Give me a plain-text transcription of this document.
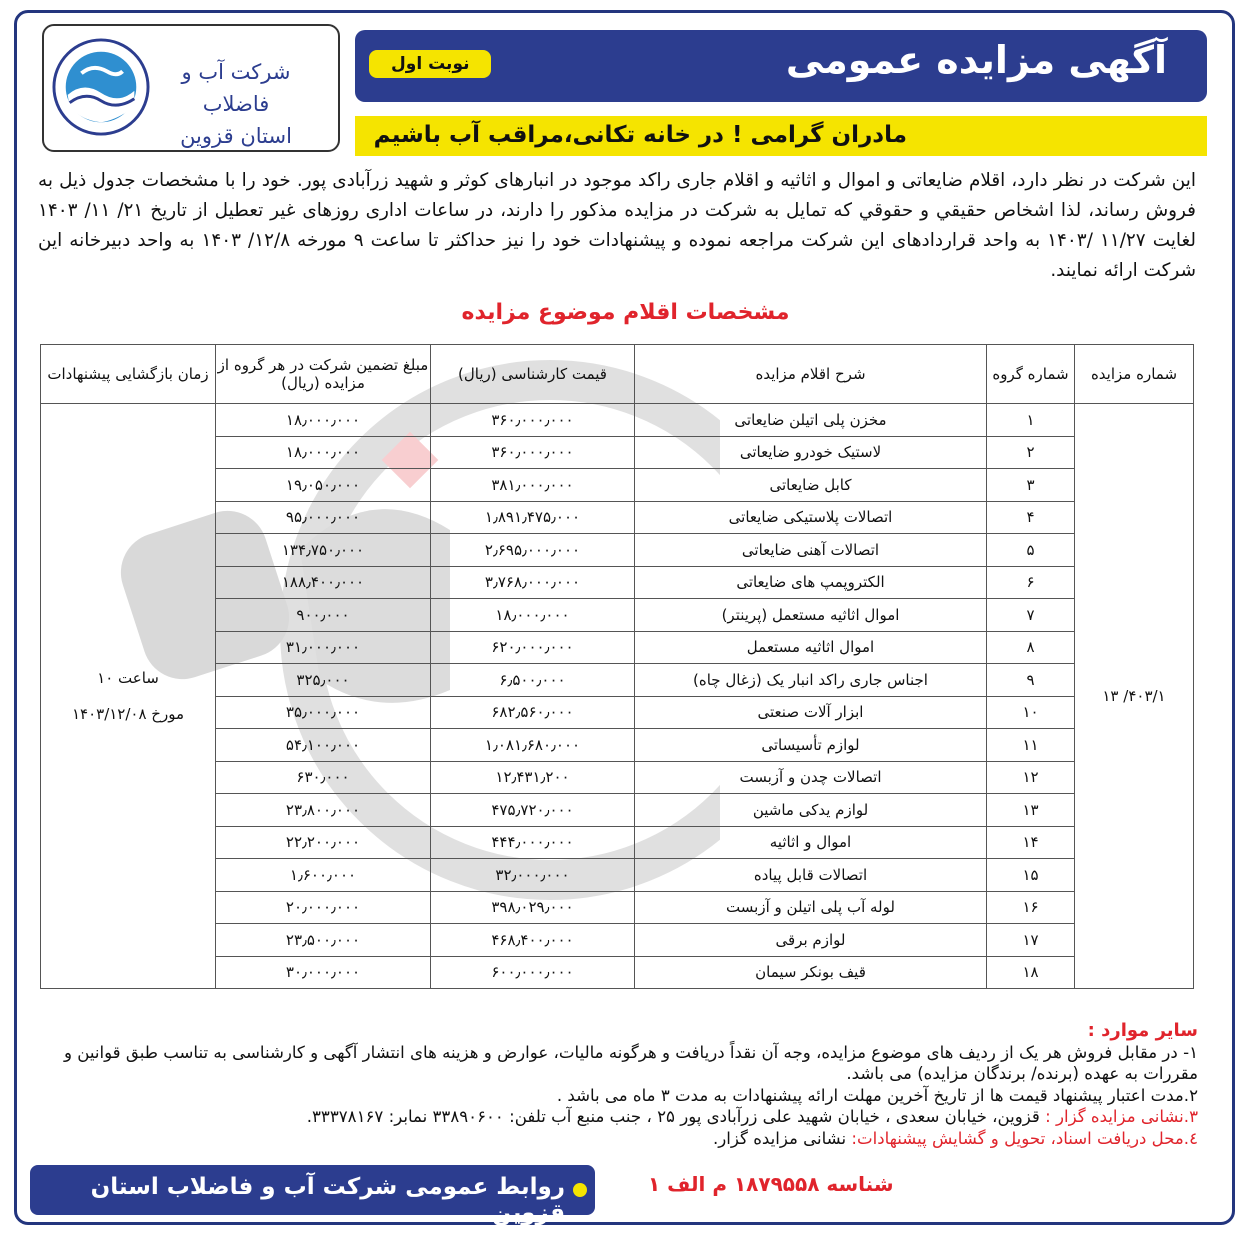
شرکت آب و فاضلاب
استان قزوین
آگهی مزایده عمومی
نوبت اول
مادران گرامی ! در خانه تکانی،مراقب آب باشیم
این شرکت در نظر دارد، اقلام ضایعاتی و اموال و اثاثیه و اقلام جاری راکد موجود در انبارهای کوثر و شهید زرآبادی پور. خود را با مشخصات جدول ذیل به فروش رساند، لذا اشخاص حقیقي و حقوقي که تمایل به شرکت در مزایده مذکور را دارند، در ساعات اداری روزهای غیر تعطیل از تاریخ ۲۱/ ۱۱/ ۱۴۰۳ لغایت ۱۱/۲۷ /۱۴۰۳ به واحد قراردادهای این شرکت مراجعه نموده و پیشنهادات خود را نیز حداکثر تا ساعت ۹ مورخه ۱۲/۸/ ۱۴۰۳ به واحد دبیرخانه این شرکت ارائه نمایند.
مشخصات اقلام موضوع مزایده
شماره مزایده	شماره گروه	شرح اقلام مزایده	قیمت کارشناسی (ریال)	مبلغ تضمین شرکت در هر گروه از مزایده (ریال)	زمان بازگشایی پیشنهادات
۴۰۳/۱/ ۱۳	۱	مخزن پلی اتیلن ضایعاتی	۳۶۰٫۰۰۰٫۰۰۰	۱۸٫۰۰۰٫۰۰۰	ساعت ۱۰
مورخ ۱۴۰۳/۱۲/۰۸

	۲	لاستیک خودرو ضایعاتی	۳۶۰٫۰۰۰٫۰۰۰	۱۸٫۰۰۰٫۰۰۰	
	۳	کابل ضایعاتی	۳۸۱٫۰۰۰٫۰۰۰	۱۹٫۰۵۰٫۰۰۰	
	۴	اتصالات پلاستیکی ضایعاتی	۱٫۸۹۱٫۴۷۵٫۰۰۰	۹۵٫۰۰۰٫۰۰۰	
	۵	اتصالات آهنی ضایعاتی	۲٫۶۹۵٫۰۰۰٫۰۰۰	۱۳۴٫۷۵۰٫۰۰۰	
	۶	الکتروپمپ های ضایعاتی	۳٫۷۶۸٫۰۰۰٫۰۰۰	۱۸۸٫۴۰۰٫۰۰۰	
	۷	اموال اثاثیه مستعمل (پرینتر)	۱۸٫۰۰۰٫۰۰۰	۹۰۰٫۰۰۰	
	۸	اموال اثاثیه مستعمل	۶۲۰٫۰۰۰٫۰۰۰	۳۱٫۰۰۰٫۰۰۰	
	۹	اجناس جاری راکد انبار یک (زغال چاه)	۶٫۵۰۰٫۰۰۰	۳۲۵٫۰۰۰	
	۱۰	ابزار آلات صنعتی	۶۸۲٫۵۶۰٫۰۰۰	۳۵٫۰۰۰٫۰۰۰	
	۱۱	لوازم تأسیساتی	۱٫۰۸۱٫۶۸۰٫۰۰۰	۵۴٫۱۰۰٫۰۰۰	
	۱۲	اتصالات چدن و آزبست	۱۲٫۴۳۱٫۲۰۰	۶۳۰٫۰۰۰	
	۱۳	لوازم یدکی ماشین	۴۷۵٫۷۲۰٫۰۰۰	۲۳٫۸۰۰٫۰۰۰	
	۱۴	اموال و اثاثیه	۴۴۴٫۰۰۰٫۰۰۰	۲۲٫۲۰۰٫۰۰۰	
	۱۵	اتصالات قابل پیاده	۳۲٫۰۰۰٫۰۰۰	۱٫۶۰۰٫۰۰۰	
	۱۶	لوله آب پلی اتیلن و آزبست	۳۹۸٫۰۲۹٫۰۰۰	۲۰٫۰۰۰٫۰۰۰	
	۱۷	لوازم برقی	۴۶۸٫۴۰۰٫۰۰۰	۲۳٫۵۰۰٫۰۰۰	
	۱۸	قیف بونکر سیمان	۶۰۰٫۰۰۰٫۰۰۰	۳۰٫۰۰۰٫۰۰۰	
سایر موارد :
۱- در مقابل فروش هر یک از ردیف های موضوع مزایده، وجه آن نقداً دریافت و هرگونه مالیات، عوارض و هزینه های انتشار آگهی و کارشناسی به تناسب طبق قوانین و مقررات به عهده (برنده/ برندگان مزایده) می باشد.
۲.مدت اعتبار پیشنهاد قیمت ها از تاریخ آخرین مهلت ارائه پیشنهادات به مدت ۳ ماه می باشد .
۳.نشانی مزایده گزار : قزوین، خیابان سعدی ، خیابان شهید علی زرآبادی پور ۲۵ ، جنب منبع آب تلفن: ۳۳۸۹۰۶۰۰ نمابر: ۳۳۳۷۸۱۶۷.
٤.محل دریافت اسناد، تحویل و گشایش پیشنهادات: نشانی مزایده گزار.
روابط عمومی شرکت آب و فاضلاب استان قزوین
شناسه ۱۸۷۹۵۵۸ م الف ۱
